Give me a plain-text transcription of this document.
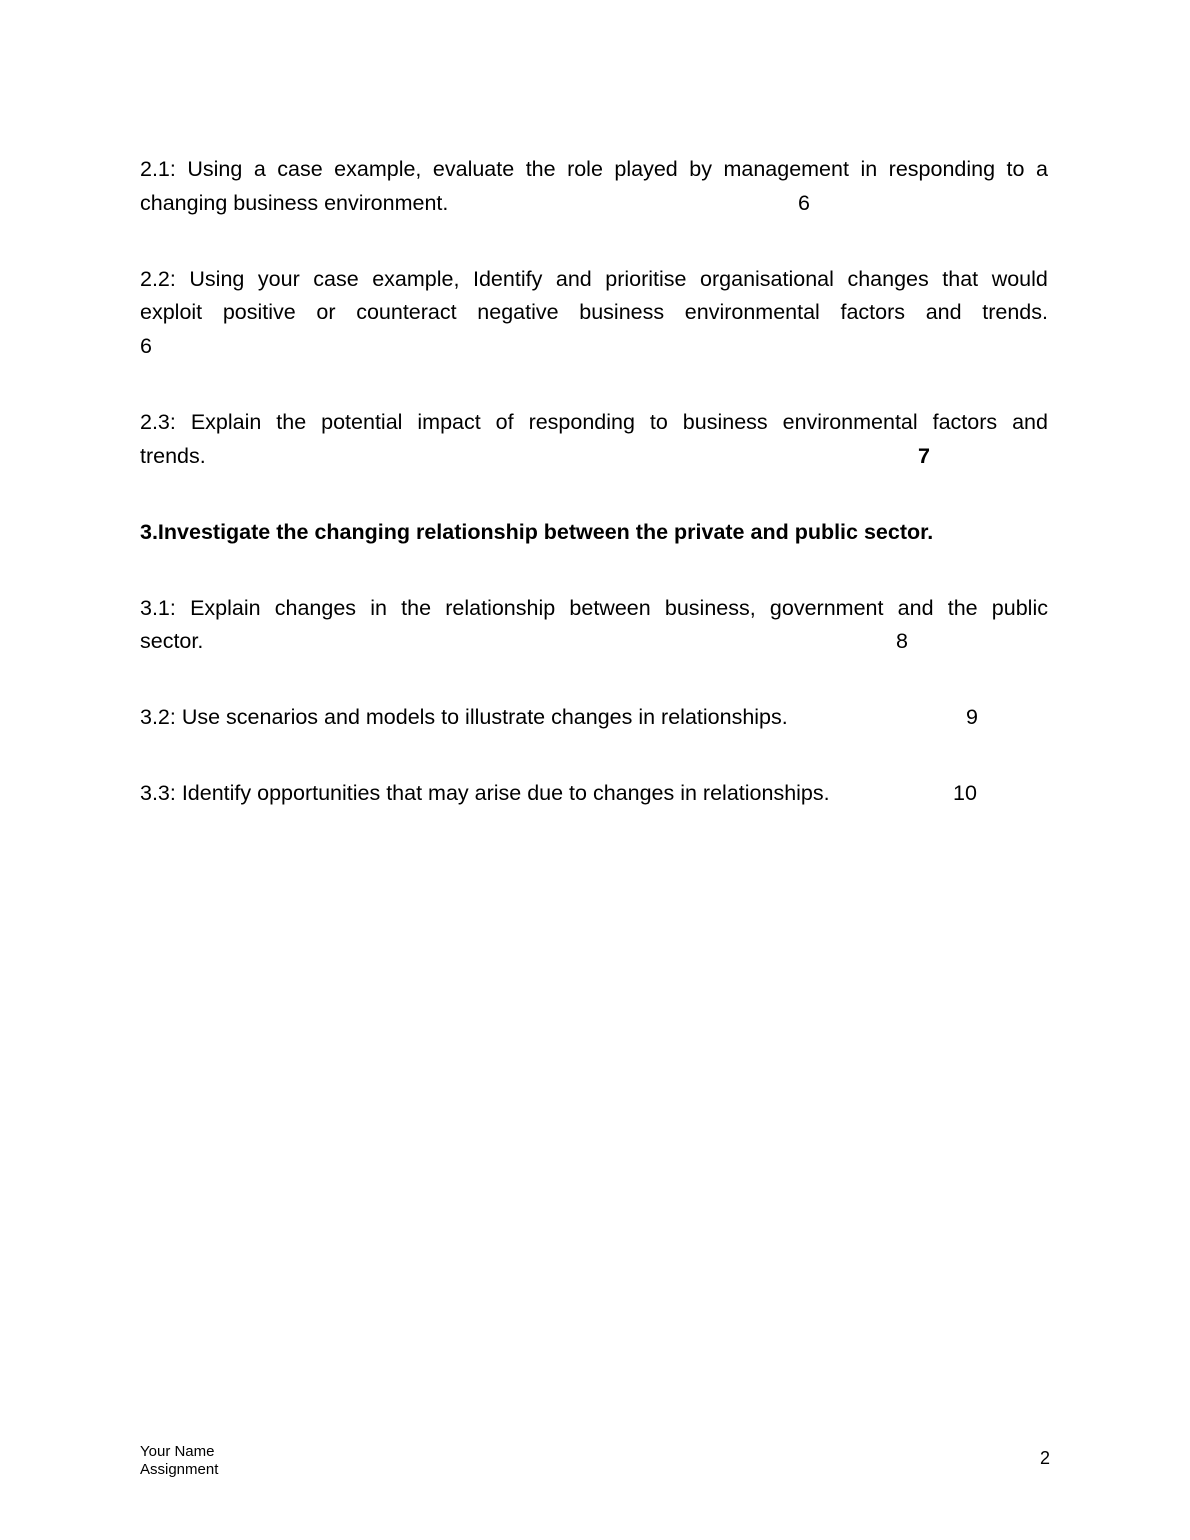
2.1: Using a case example, evaluate the role played by management in responding to a
changing business environment.	6
2.2: Using your case example, Identify and prioritise organisational changes that would
exploit positive or counteract negative business environmental factors and trends.
6
2.3: Explain the potential impact of responding to business environmental factors and
trends.	7
3.Investigate the changing relationship between the private and public sector.
3.1: Explain changes in the relationship between business, government and the public
sector.	8
3.2: Use scenarios and models to illustrate changes in relationships.	9
3.3: Identify opportunities that may arise due to changes in relationships.	10
Your Name
Assignment
2
